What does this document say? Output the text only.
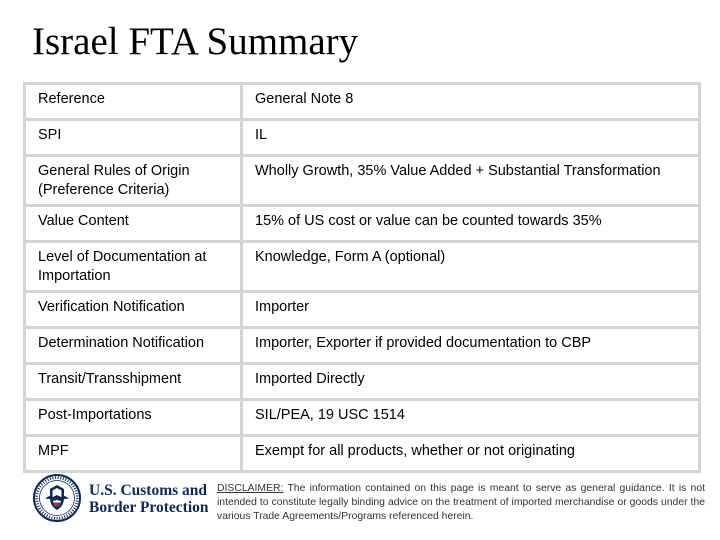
Israel FTA Summary
Reference	General Note 8
SPI	IL
General Rules of Origin (Preference Criteria)	Wholly Growth, 35% Value Added + Substantial Transformation
Value Content	15% of US cost or value can be counted towards 35%
Level of Documentation at Importation	Knowledge, Form A (optional)
Verification Notification	Importer
Determination Notification	Importer, Exporter if provided documentation to CBP
Transit/Transshipment	Imported Directly
Post-Importations	SIL/PEA, 19 USC 1514
MPF	Exempt for all products, whether or not originating
U.S. Customs and
Border Protection
DISCLAIMER: The information contained on this page is meant to serve as general guidance. It is not intended to constitute legally binding advice on the treatment of imported merchandise or goods under the various Trade Agreements/Programs referenced herein.
